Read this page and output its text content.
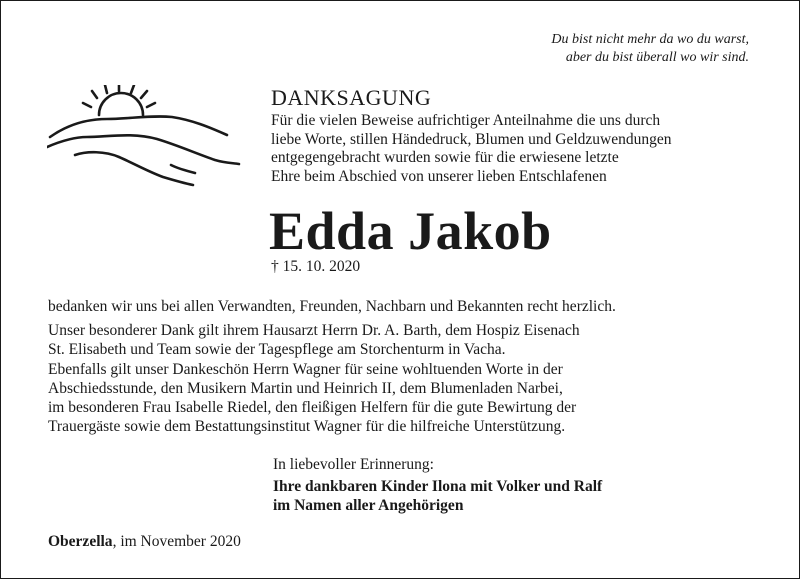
Du bist nicht mehr da wo du warst,
aber du bist überall wo wir sind.
DANKSAGUNG
Für die vielen Beweise aufrichtiger Anteilnahme die uns durch
liebe Worte, stillen Händedruck, Blumen und Geldzuwendungen
entgegengebracht wurden sowie für die erwiesene letzte
Ehre beim Abschied von unserer lieben Entschlafenen
Edda Jakob
† 15. 10. 2020
bedanken wir uns bei allen Verwandten, Freunden, Nachbarn und Bekannten recht herzlich.
Unser besonderer Dank gilt ihrem Hausarzt Herrn Dr. A. Barth, dem Hospiz Eisenach
St. Elisabeth und Team sowie der Tagespflege am Storchenturm in Vacha.
Ebenfalls gilt unser Dankeschön Herrn Wagner für seine wohltuenden Worte in der
Abschiedsstunde, den Musikern Martin und Heinrich II, dem Blumenladen Narbei,
im besonderen Frau Isabelle Riedel, den fleißigen Helfern für die gute Bewirtung der
Trauergäste sowie dem Bestattungsinstitut Wagner für die hilfreiche Unterstützung.
In liebevoller Erinnerung:
Ihre dankbaren Kinder Ilona mit Volker und Ralf
im Namen aller Angehörigen
Oberzella, im November 2020
